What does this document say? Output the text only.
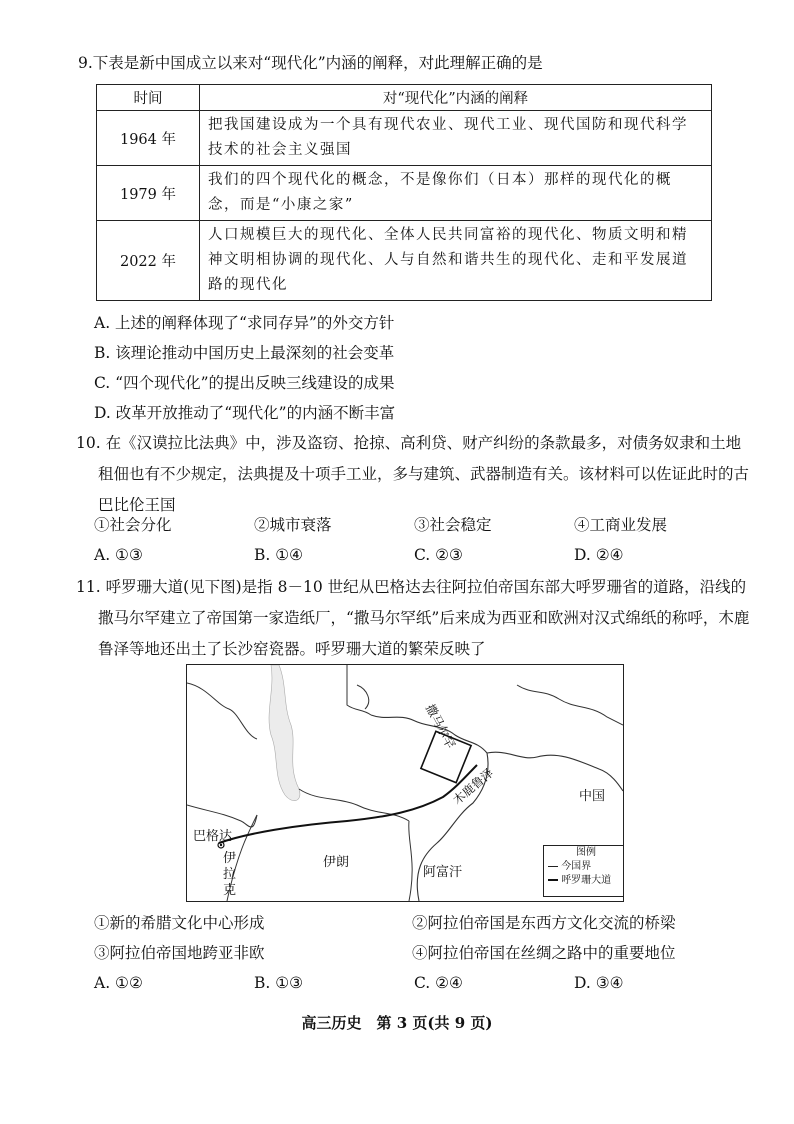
9.下表是新中国成立以来对“现代化”内涵的阐释，对此理解正确的是
时间	对“现代化”内涵的阐释
1964 年	把我国建设成为一个具有现代农业、现代工业、现代国防和现代科学技术的社会主义强国
1979 年	我们的四个现代化的概念，不是像你们（日本）那样的现代化的概念，而是“小康之家”
2022 年	人口规模巨大的现代化、全体人民共同富裕的现代化、物质文明和精神文明相协调的现代化、人与自然和谐共生的现代化、走和平发展道路的现代化
A. 上述的阐释体现了“求同存异”的外交方针
B. 该理论推动中国历史上最深刻的社会变革
C. “四个现代化”的提出反映三线建设的成果
D. 改革开放推动了“现代化”的内涵不断丰富
10. 在《汉谟拉比法典》中，涉及盗窃、抢掠、高利贷、财产纠纷的条款最多，对债务奴隶和土地租佃也有不少规定，法典提及十项手工业，多与建筑、武器制造有关。该材料可以佐证此时的古巴比伦王国
①社会分化	②城市衰落	③社会稳定	④工商业发展
A. ①③	B. ①④	C. ②③	D. ②④
11. 呼罗珊大道(见下图)是指 8－10 世纪从巴格达去往阿拉伯帝国东部大呼罗珊省的道路，沿线的撒马尔罕建立了帝国第一家造纸厂，“撒马尔罕纸”后来成为西亚和欧洲对汉式绵纸的称呼，木鹿鲁泽等地还出土了长沙窑瓷器。呼罗珊大道的繁荣反映了
撒马尔罕
中国
巴格达
伊拉克
伊朗
阿富汗
木鹿鲁泽
图例
今国界
呼罗珊大道
①新的希腊文化中心形成	②阿拉伯帝国是东西方文化交流的桥梁
③阿拉伯帝国地跨亚非欧	④阿拉伯帝国在丝绸之路中的重要地位
A. ①②	B. ①③	C. ②④	D. ③④
高三历史　第 3 页(共 9 页)
